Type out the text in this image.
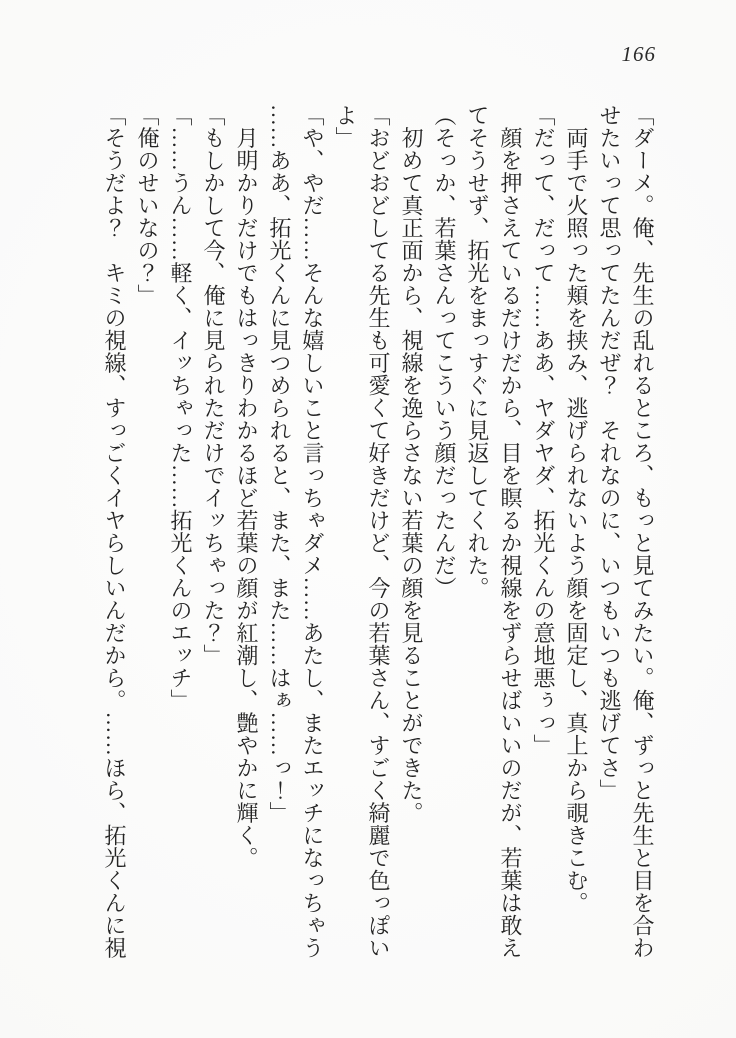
166

「ダーメ。俺、先生の乱れるところ、もっと見てみたい。俺、ずっと先生と目を合わ

せたいって思ってたんだぜ？　それなのに、いつもいつも逃げてさ」

　両手で火照った頬を挟み、逃げられないよう顔を固定し、真上から覗きこむ。

「だって、だって……ああ、ヤダヤダ、拓光くんの意地悪ぅっ」

　顔を押さえているだけだから、目を瞑るか視線をずらせばいいのだが、若葉は敢え

てそうせず、拓光をまっすぐに見返してくれた。

（そっか、若葉さんってこういう顔だったんだ）

　初めて真正面から、視線を逸らさない若葉の顔を見ることができた。

「おどおどしてる先生も可愛くて好きだけど、今の若葉さん、すごく綺麗で色っぽい

よ」

「や、やだ……そんな嬉しいこと言っちゃダメ……あたし、またエッチになっちゃう

……ああ、拓光くんに見つめられると、また、また……はぁ……っ！」

　月明かりだけでもはっきりわかるほど若葉の顔が紅潮し、艶やかに輝く。

「もしかして今、俺に見られただけでイッちゃった？」

「……うん……軽く、イッちゃった……拓光くんのエッチ」

「俺のせいなの？」

「そうだよ？　キミの視線、すっごくイヤらしいんだから。……ほら、拓光くんに視
